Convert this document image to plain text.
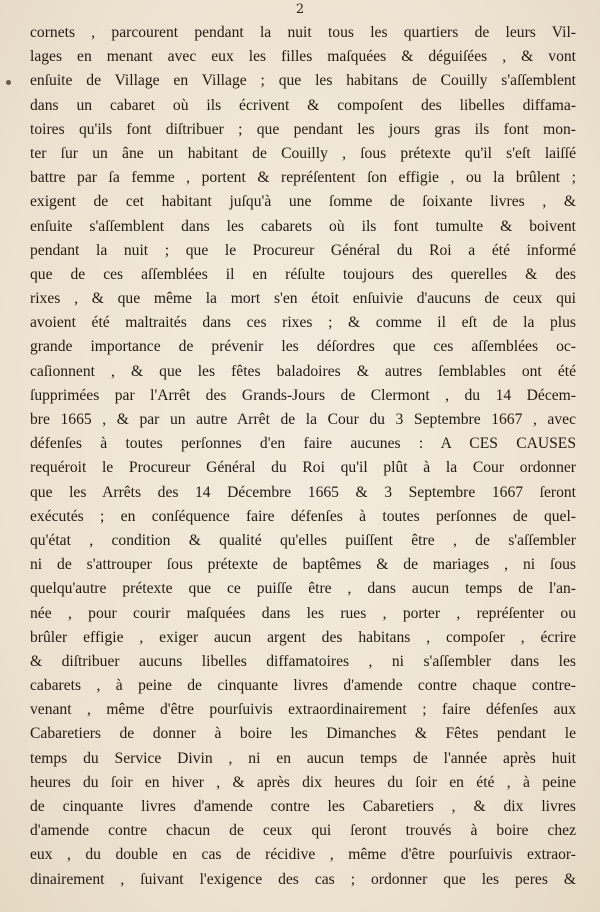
2
cornets , parcourent pendant la nuit tous les quartiers de leurs Vil-
lages en menant avec eux les filles maſquées & déguiſées , & vont
enſuite de Village en Village ; que les habitans de Couilly s'aſſemblent
dans un cabaret où ils écrivent & compoſent des libelles diffama-
toires qu'ils font diſtribuer ; que pendant les jours gras ils font mon-
ter ſur un âne un habitant de Couilly , ſous prétexte qu'il s'eſt laiſſé
battre par ſa femme , portent & repréſentent ſon effigie , ou la brûlent ;
exigent de cet habitant juſqu'à une ſomme de ſoixante livres , &
enſuite s'aſſemblent dans les cabarets où ils font tumulte & boivent
pendant la nuit ; que le Procureur Général du Roi a été informé
que de ces aſſemblées il en réſulte toujours des querelles & des
rixes , & que même la mort s'en étoit enſuivie d'aucuns de ceux qui
avoient été maltraités dans ces rixes ; & comme il eſt de la plus
grande importance de prévenir les déſordres que ces aſſemblées oc-
caſionnent , & que les fêtes baladoires & autres ſemblables ont été
ſupprimées par l'Arrêt des Grands-Jours de Clermont , du 14 Décem-
bre 1665 , & par un autre Arrêt de la Cour du 3 Septembre 1667 , avec
défenſes à toutes perſonnes d'en faire aucunes : A CES CAUSES
requéroit le Procureur Général du Roi qu'il plût à la Cour ordonner
que les Arrêts des 14 Décembre 1665 & 3 Septembre 1667 ſeront
exécutés ; en conſéquence faire défenſes à toutes perſonnes de quel-
qu'état , condition & qualité qu'elles puiſſent être , de s'aſſembler
ni de s'attrouper ſous prétexte de baptêmes & de mariages , ni ſous
quelqu'autre prétexte que ce puiſſe être , dans aucun temps de l'an-
née , pour courir maſquées dans les rues , porter , repréſenter ou
brûler effigie , exiger aucun argent des habitans , compoſer , écrire
& diſtribuer aucuns libelles diffamatoires , ni s'aſſembler dans les
cabarets , à peine de cinquante livres d'amende contre chaque contre-
venant , même d'être pourſuivis extraordinairement ; faire défenſes aux
Cabaretiers de donner à boire les Dimanches & Fêtes pendant le
temps du Service Divin , ni en aucun temps de l'année après huit
heures du ſoir en hiver , & après dix heures du ſoir en été , à peine
de cinquante livres d'amende contre les Cabaretiers , & dix livres
d'amende contre chacun de ceux qui ſeront trouvés à boire chez
eux , du double en cas de récidive , même d'être pourſuivis extraor-
dinairement , ſuivant l'exigence des cas ; ordonner que les peres &
